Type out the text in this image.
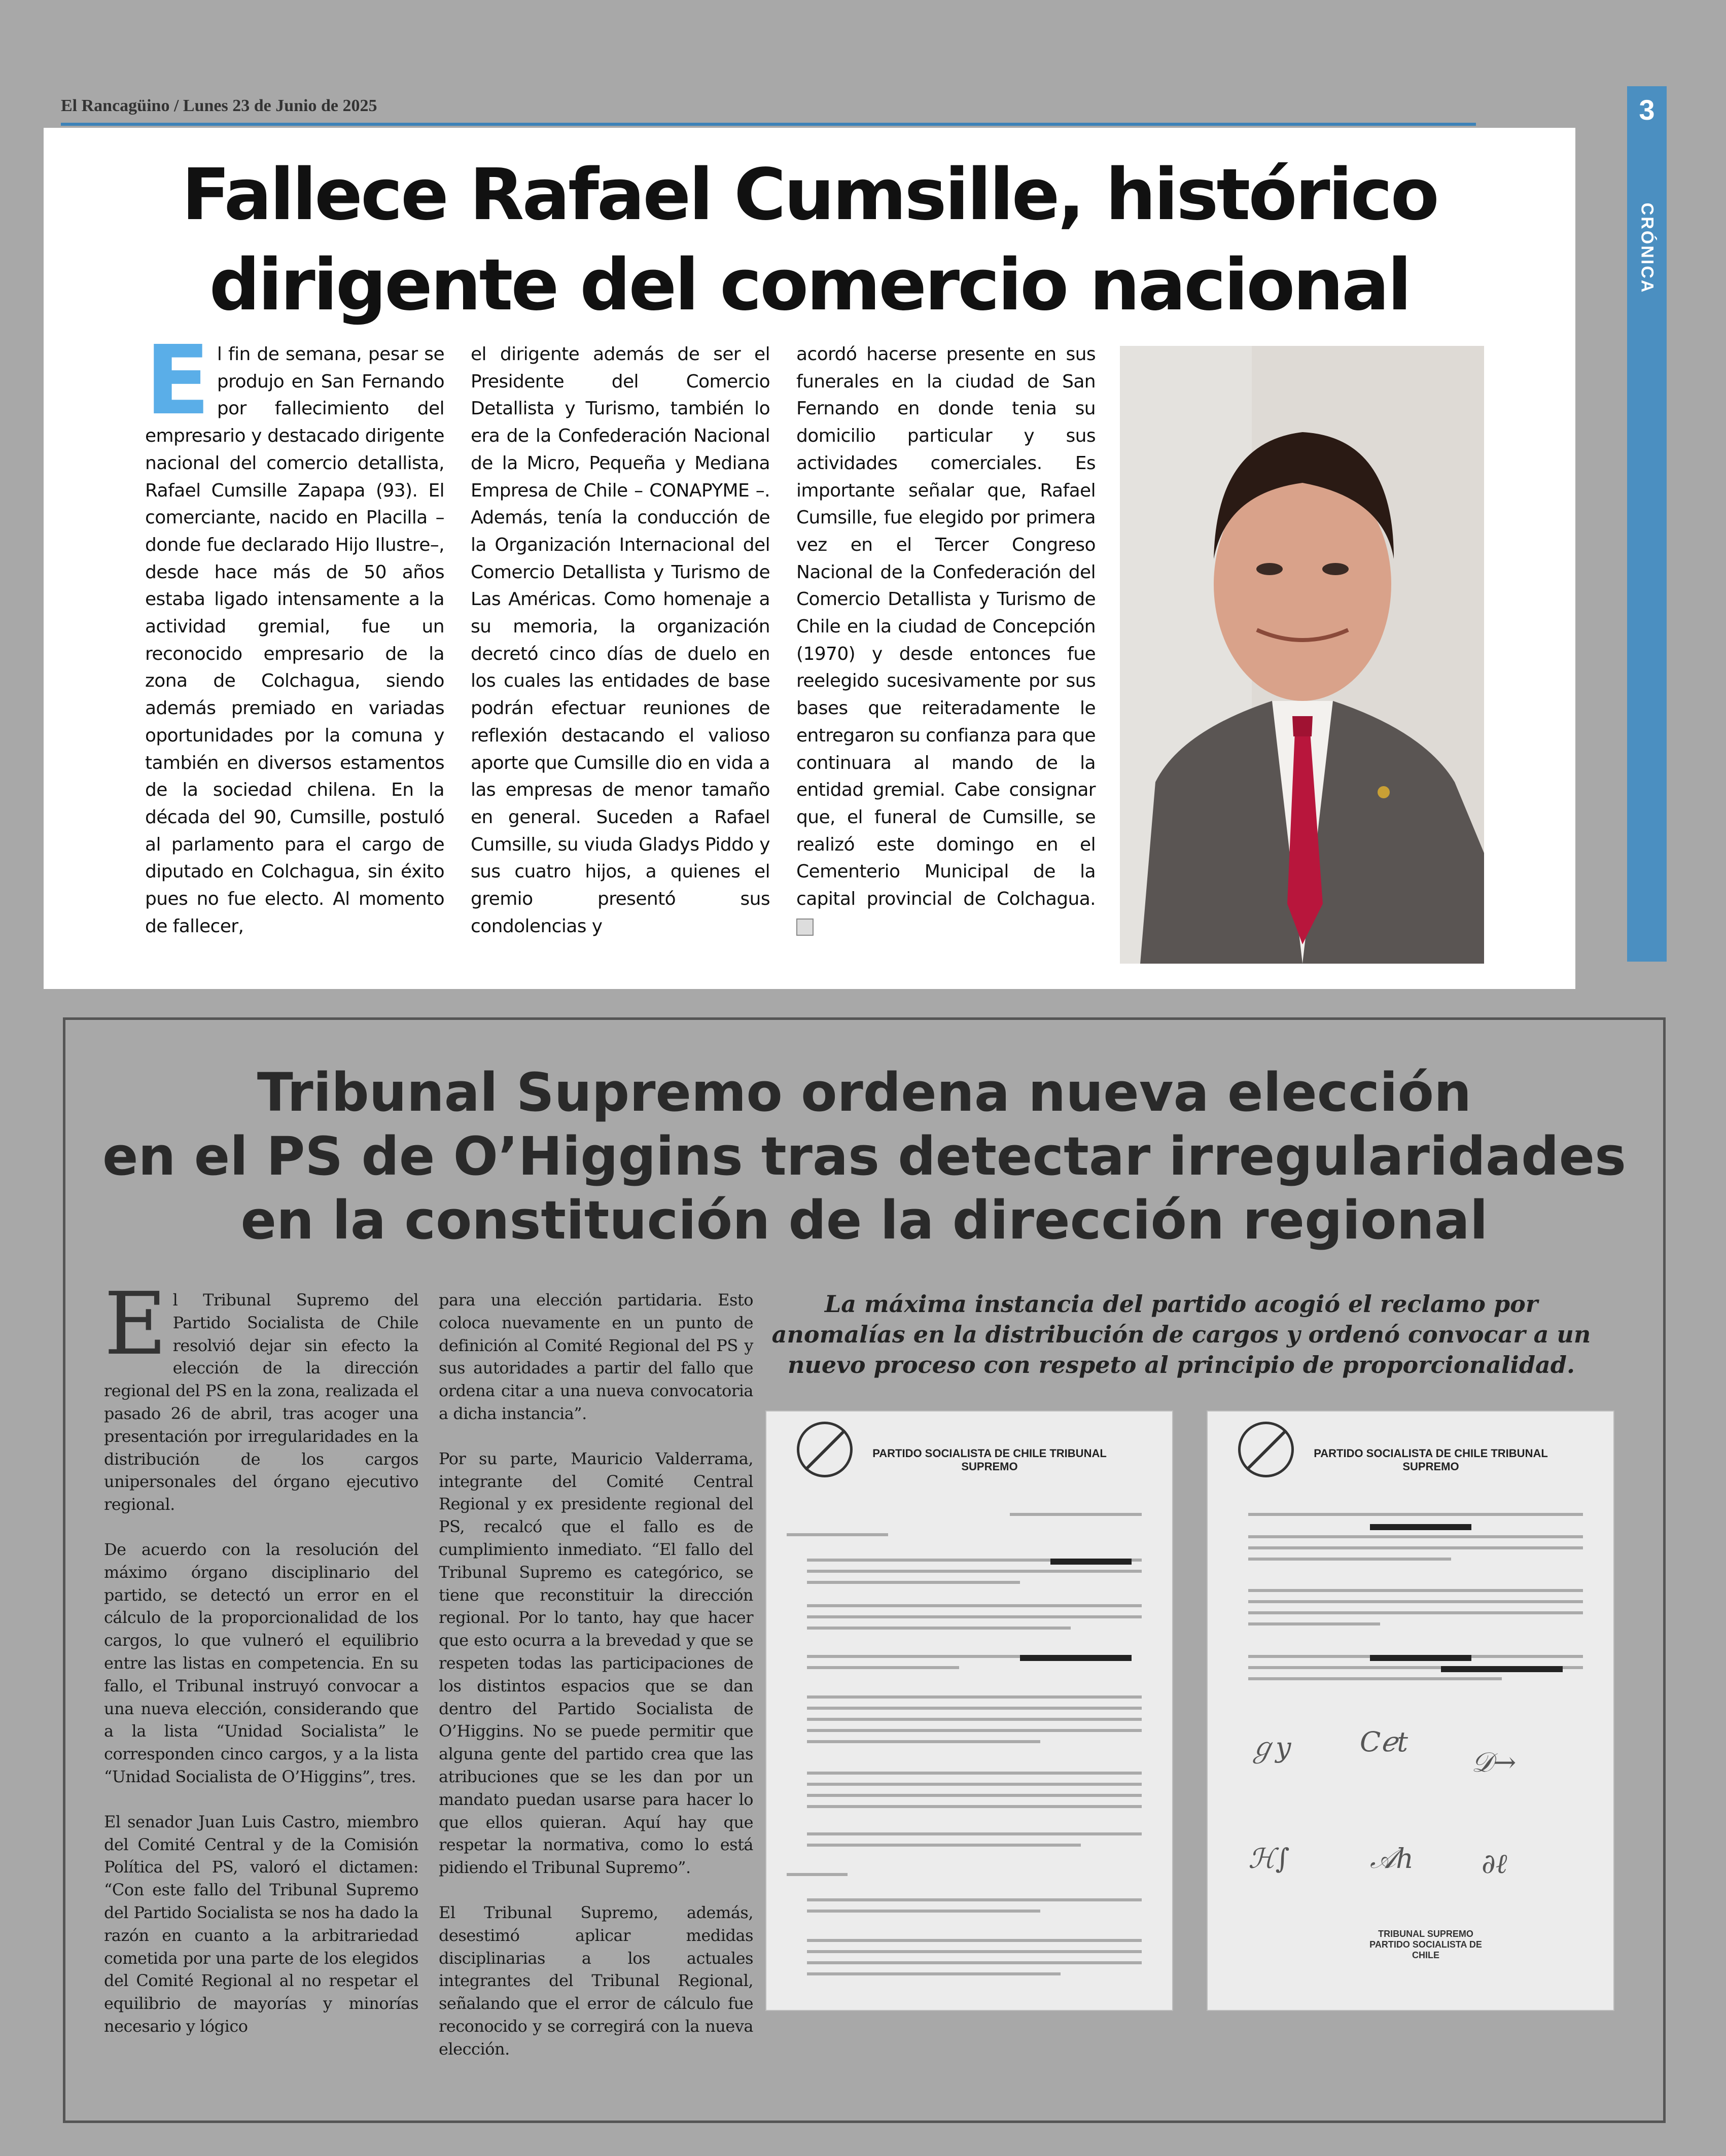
El Rancagüino / Lunes 23 de Junio de 2025	3
CRÓNICA
Fallece Rafael Cumsille, histórico
dirigente del comercio nacional
E l fin de semana, pesar se produjo en San Fernando por fallecimiento del empresario y destacado dirigente nacional del comercio detallista, Rafael Cumsille Zapapa (93). El comerciante, nacido en Placilla –donde fue declarado Hijo Ilustre–, desde hace más de 50 años estaba ligado intensamente a la actividad gremial, fue un reconocido empresario de la zona de Colchagua, siendo además premiado en variadas oportunidades por la comuna y también en diversos estamentos de la sociedad chilena. En la década del 90, Cumsille, postuló al parlamento para el cargo de diputado en Colchagua, sin éxito pues no fue electo. Al momento de fallecer,

el dirigente además de ser el Presidente del Comercio Detallista y Turismo, también lo era de la Confederación Nacional de la Micro, Pequeña y Mediana Empresa de Chile – CONAPYME –. Además, tenía la conducción de la Organización Internacional del Comercio Detallista y Turismo de Las Américas. Como homenaje a su memoria, la organización decretó cinco días de duelo en los cuales las entidades de base podrán efectuar reuniones de reflexión destacando el valioso aporte que Cumsille dio en vida a las empresas de menor tamaño en general. Suceden a Rafael Cumsille, su viuda Gladys Piddo y sus cuatro hijos, a quienes el gremio presentó sus condolencias y

acordó hacerse presente en sus funerales en la ciudad de San Fernando en donde tenia su domicilio particular y sus actividades comerciales. Es importante señalar que, Rafael Cumsille, fue elegido por primera vez en el Tercer Congreso Nacional de la Confederación del Comercio Detallista y Turismo de Chile en la ciudad de Concepción (1970) y desde entonces fue reelegido sucesivamente por sus bases que reiteradamente le entregaron su confianza para que continuara al mando de la entidad gremial. Cabe consignar que, el funeral de Cumsille, se realizó este domingo en el Cementerio Municipal de la capital provincial de Colchagua.

Tribunal Supremo ordena nueva elección
en el PS de O’Higgins tras detectar irregularidades
en la constitución de la dirección regional
E l Tribunal Supremo del Partido Socialista de Chile resolvió dejar sin efecto la elección de la dirección regional del PS en la zona, realizada el pasado 26 de abril, tras acoger una presentación por irregularidades en la distribución de los cargos unipersonales del órgano ejecutivo regional.

De acuerdo con la resolución del máximo órgano disciplinario del partido, se detectó un error en el cálculo de la proporcionalidad de los cargos, lo que vulneró el equilibrio entre las listas en competencia. En su fallo, el Tribunal instruyó convocar a una nueva elección, considerando que a la lista “Unidad Socialista” le corresponden cinco cargos, y a la lista “Unidad Socialista de O’Higgins”, tres.

El senador Juan Luis Castro, miembro del Comité Central y de la Comisión Política del PS, valoró el dictamen: “Con este fallo del Tribunal Supremo del Partido Socialista se nos ha dado la razón en cuanto a la arbitrariedad cometida por una parte de los elegidos del Comité Regional al no respetar el equilibrio de mayorías y minorías necesario y lógico

para una elección partidaria. Esto coloca nuevamente en un punto de definición al Comité Regional del PS y sus autoridades a partir del fallo que ordena citar a una nueva convocatoria a dicha instancia”.

Por su parte, Mauricio Valderrama, integrante del Comité Central Regional y ex presidente regional del PS, recalcó que el fallo es de cumplimiento inmediato. “El fallo del Tribunal Supremo es categórico, se tiene que reconstituir la dirección regional. Por lo tanto, hay que hacer que esto ocurra a la brevedad y que se respeten todas las participaciones de los distintos espacios que se dan dentro del Partido Socialista de O’Higgins. No se puede permitir que alguna gente del partido crea que las atribuciones que se les dan por un mandato puedan usarse para hacer lo que ellos quieran. Aquí hay que respetar la normativa, como lo está pidiendo el Tribunal Supremo”.

El Tribunal Supremo, además, desestimó aplicar medidas disciplinarias a los actuales integrantes del Tribunal Regional, señalando que el error de cálculo fue reconocido y se corregirá con la nueva elección.

La máxima instancia del partido acogió el reclamo por anomalías en la distribución de cargos y ordenó convocar a un nuevo proceso con respeto al principio de proporcionalidad.
PARTIDO SOCIALISTA DE CHILE TRIBUNAL SUPREMO
PARTIDO SOCIALISTA DE CHILE TRIBUNAL SUPREMO
ℊy	Cℯt
𝒟→
ℋ∫	𝒜ℎ ∂ℓ
TRIBUNAL SUPREMO PARTIDO SOCIALISTA DE CHILE
